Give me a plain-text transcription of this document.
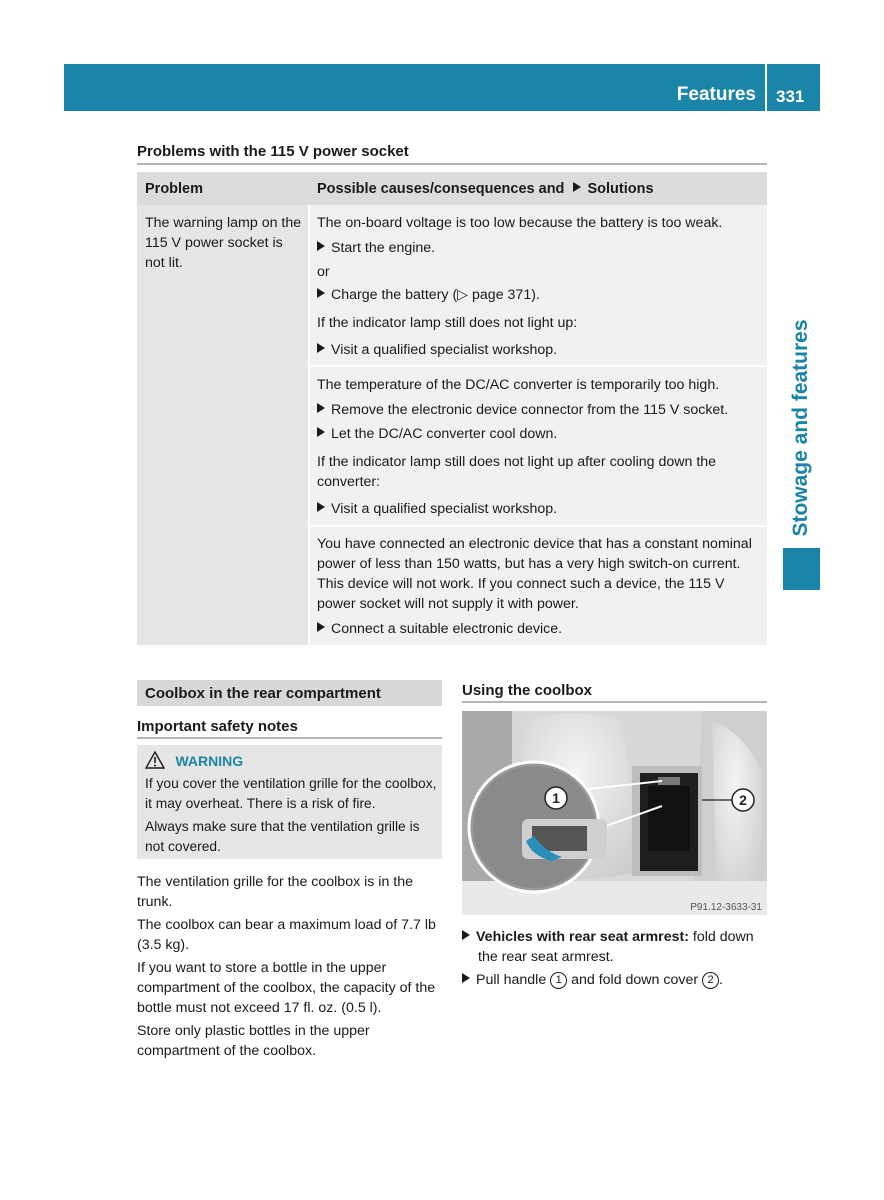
Features 331
Stowage and features
Problems with the 115 V power socket
Problem	Possible causes/consequences and Solutions
The warning lamp on the 115 V power socket is not lit.
The on-board voltage is too low because the battery is too weak.
Start the engine.
or
Charge the battery (▷ page 371).
If the indicator lamp still does not light up:
Visit a qualified specialist workshop.
The temperature of the DC/AC converter is temporarily too high.
Remove the electronic device connector from the 115 V socket.
Let the DC/AC converter cool down.
If the indicator lamp still does not light up after cooling down the converter:
Visit a qualified specialist workshop.
You have connected an electronic device that has a constant nominal power of less than 150 watts, but has a very high switch-on current. This device will not work. If you connect such a device, the 115 V power socket will not supply it with power.
Connect a suitable electronic device.
Coolbox in the rear compartment
Important safety notes
WARNING
If you cover the ventilation grille for the coolbox, it may overheat. There is a risk of fire.
Always make sure that the ventilation grille is not covered.
The ventilation grille for the coolbox is in the trunk.
The coolbox can bear a maximum load of 7.7 lb (3.5 kg).
If you want to store a bottle in the upper compartment of the coolbox, the capacity of the bottle must not exceed 17 fl. oz. (0.5 l).
Store only plastic bottles in the upper compartment of the coolbox.
Using the coolbox
1	2
P91.12-3633-31
Vehicles with rear seat armrest: fold down the rear seat armrest.
Pull handle 1 and fold down cover 2 .
